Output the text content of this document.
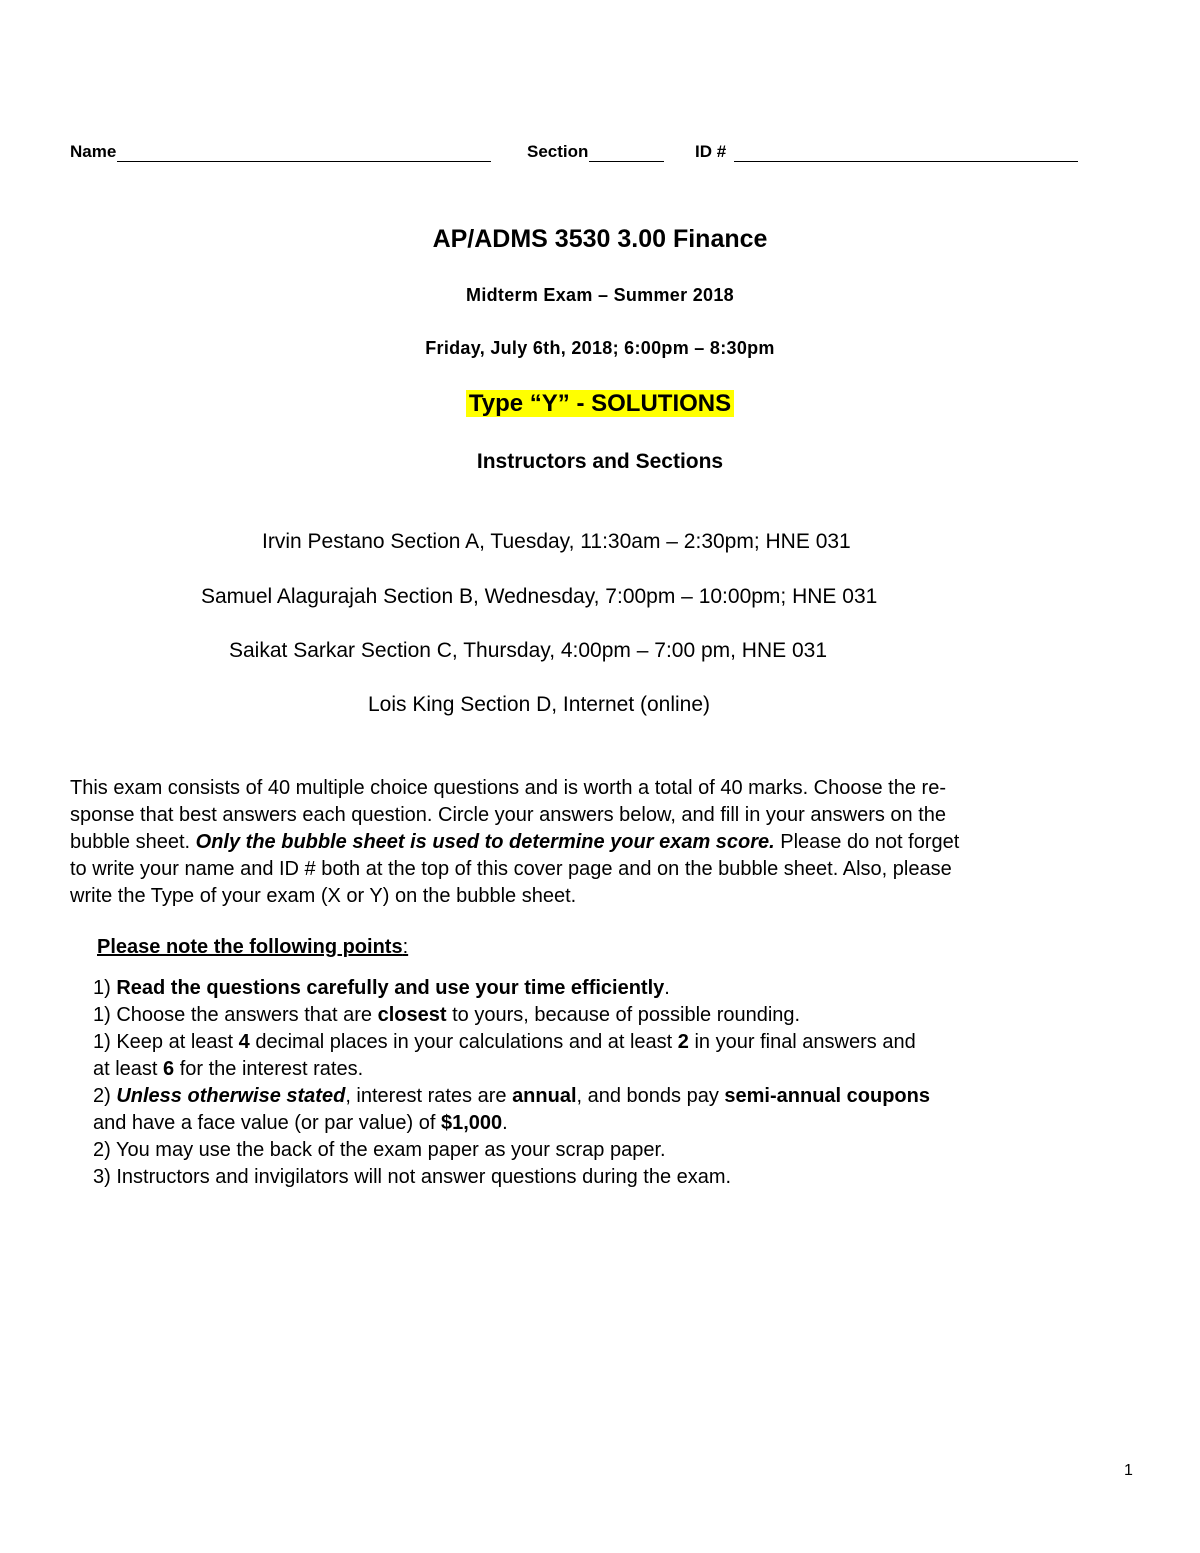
Name	Section	ID #
AP/ADMS 3530 3.00 Finance
Midterm Exam – Summer 2018
Friday, July 6th, 2018; 6:00pm – 8:30pm
Type “Y” - SOLUTIONS
Instructors and Sections
Irvin Pestano Section A, Tuesday, 11:30am – 2:30pm; HNE 031
Samuel Alagurajah Section B, Wednesday, 7:00pm – 10:00pm; HNE 031
Saikat Sarkar Section C, Thursday, 4:00pm – 7:00 pm, HNE 031
Lois King Section D, Internet (online)
This exam consists of 40 multiple choice questions and is worth a total of 40 marks. Choose the re-
sponse that best answers each question. Circle your answers below, and fill in your answers on the
bubble sheet. Only the bubble sheet is used to determine your exam score. Please do not forget
to write your name and ID # both at the top of this cover page and on the bubble sheet. Also, please
write the Type of your exam (X or Y) on the bubble sheet.
Please note the following points:
1) Read the questions carefully and use your time efficiently.
1) Choose the answers that are closest to yours, because of possible rounding.
1) Keep at least 4 decimal places in your calculations and at least 2 in your final answers and
at least 6 for the interest rates.
2) Unless otherwise stated, interest rates are annual, and bonds pay semi-annual coupons
and have a face value (or par value) of $1,000.
2) You may use the back of the exam paper as your scrap paper.
3) Instructors and invigilators will not answer questions during the exam.
1
